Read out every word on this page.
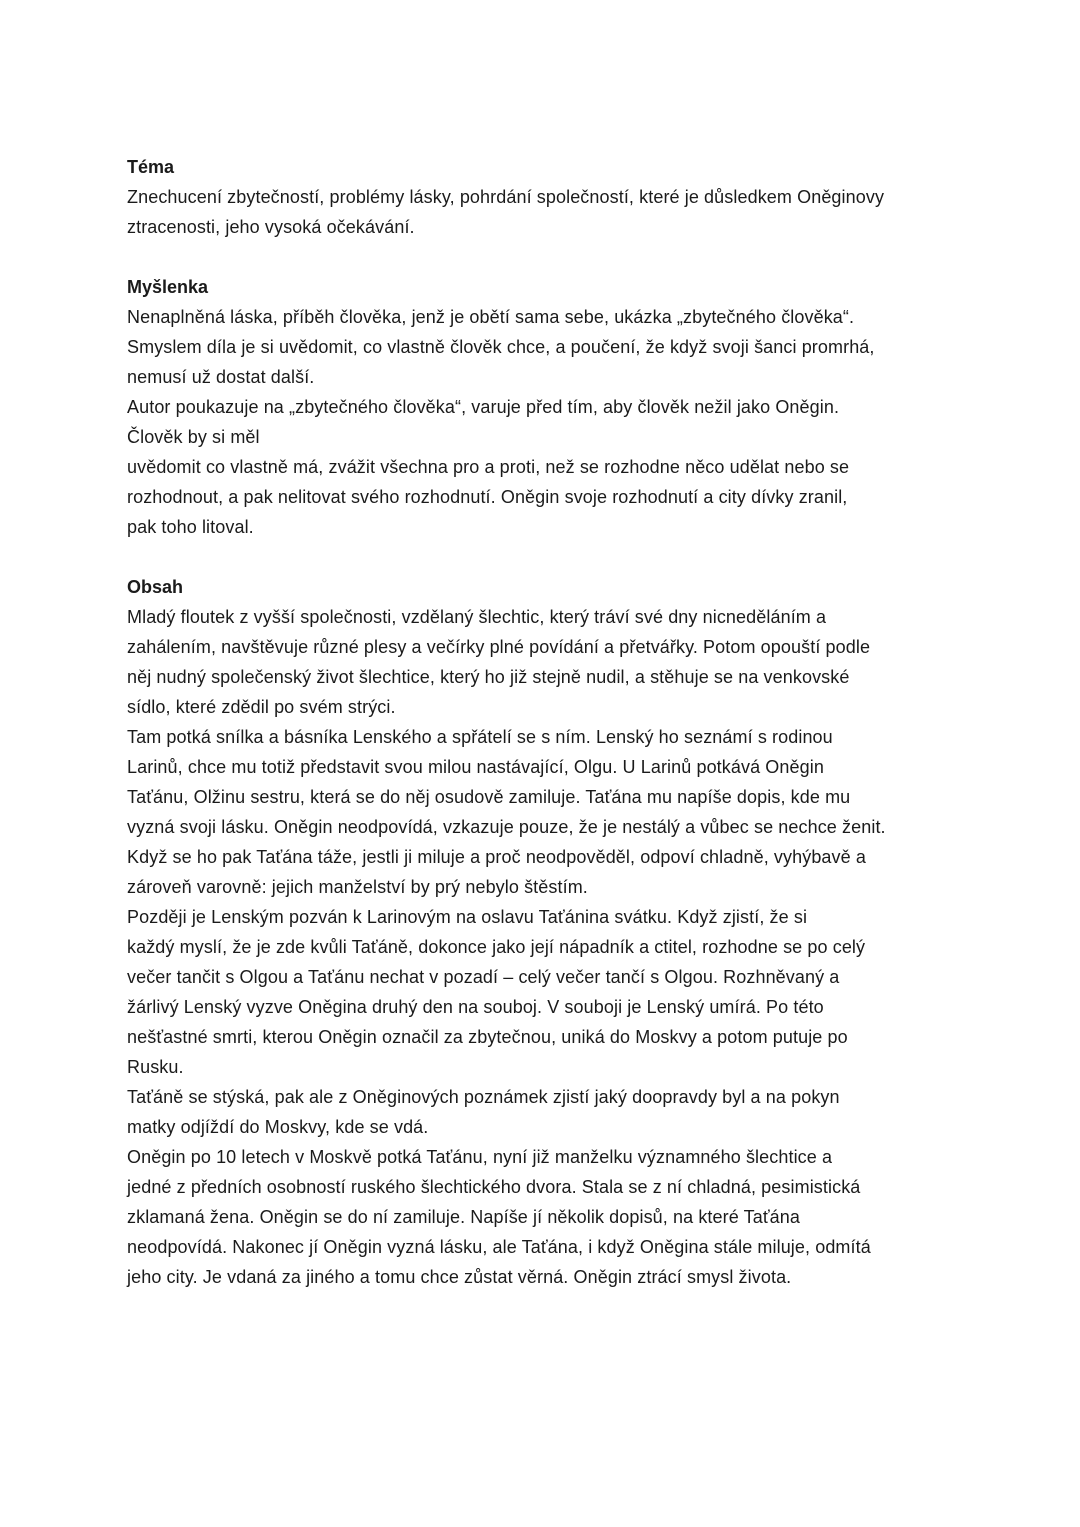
Téma
Znechucení zbytečností, problémy lásky, pohrdání společností, které je důsledkem Oněginovy
ztracenosti, jeho vysoká očekávání.
Myšlenka
Nenaplněná láska, příběh člověka, jenž je obětí sama sebe, ukázka „zbytečného člověka“.
Smyslem díla je si uvědomit, co vlastně člověk chce, a poučení, že když svoji šanci promrhá,
nemusí už dostat další.
Autor poukazuje na „zbytečného člověka“, varuje před tím, aby člověk nežil jako Oněgin.
Člověk by si měl
uvědomit co vlastně má, zvážit všechna pro a proti, než se rozhodne něco udělat nebo se
rozhodnout, a pak nelitovat svého rozhodnutí. Oněgin svoje rozhodnutí a city dívky zranil,
pak toho litoval.
Obsah
Mladý floutek z vyšší společnosti, vzdělaný šlechtic, který tráví své dny nicneděláním a
zahálením, navštěvuje různé plesy a večírky plné povídání a přetvářky. Potom opouští podle
něj nudný společenský život šlechtice, který ho již stejně nudil, a stěhuje se na venkovské
sídlo, které zdědil po svém strýci.
Tam potká snílka a básníka Lenského a spřátelí se s ním. Lenský ho seznámí s rodinou
Larinů, chce mu totiž představit svou milou nastávající, Olgu. U Larinů potkává Oněgin
Taťánu, Olžinu sestru, která se do něj osudově zamiluje. Taťána mu napíše dopis, kde mu
vyzná svoji lásku. Oněgin neodpovídá, vzkazuje pouze, že je nestálý a vůbec se nechce ženit.
Když se ho pak Taťána táže, jestli ji miluje a proč neodpověděl, odpoví chladně, vyhýbavě a
zároveň varovně: jejich manželství by prý nebylo štěstím.
Později je Lenským pozván k Larinovým na oslavu Taťánina svátku. Když zjistí, že si
každý myslí, že je zde kvůli Taťáně, dokonce jako její nápadník a ctitel, rozhodne se po celý
večer tančit s Olgou a Taťánu nechat v pozadí – celý večer tančí s Olgou. Rozhněvaný a
žárlivý Lenský vyzve Oněgina druhý den na souboj. V souboji je Lenský umírá. Po této
nešťastné smrti, kterou Oněgin označil za zbytečnou, uniká do Moskvy a potom putuje po
Rusku.
Taťáně se stýská, pak ale z Oněginových poznámek zjistí jaký doopravdy byl a na pokyn
matky odjíždí do Moskvy, kde se vdá.
Oněgin po 10 letech v Moskvě potká Taťánu, nyní již manželku významného šlechtice a
jedné z předních osobností ruského šlechtického dvora. Stala se z ní chladná, pesimistická
zklamaná žena. Oněgin se do ní zamiluje. Napíše jí několik dopisů, na které Taťána
neodpovídá. Nakonec jí Oněgin vyzná lásku, ale Taťána, i když Oněgina stále miluje, odmítá
jeho city. Je vdaná za jiného a tomu chce zůstat věrná. Oněgin ztrácí smysl života.
